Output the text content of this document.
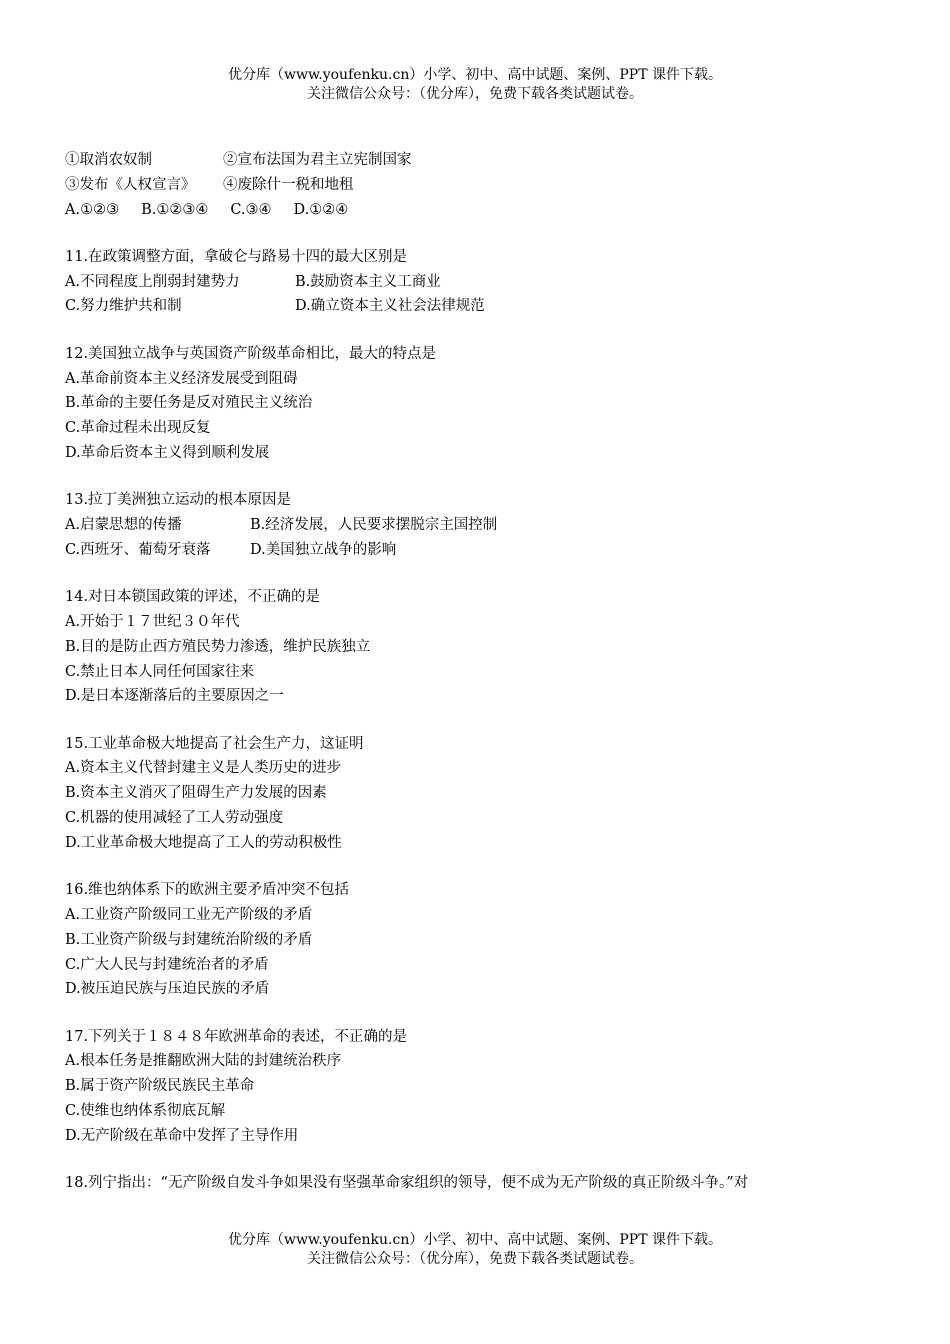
优分库（www.youfenku.cn）小学、初中、高中试题、案例、PPT 课件下载。
关注微信公众号：（优分库），免费下载各类试题试卷。
①取消农奴制	②宣布法国为君主立宪制国家
③发布《人权宣言》 ④废除什一税和地租
A.①②③ B.①②③④ C.③④ D.①②④
11.在政策调整方面，拿破仑与路易十四的最大区别是
A.不同程度上削弱封建势力	B.鼓励资本主义工商业
C.努力维护共和制	D.确立资本主义社会法律规范
12.美国独立战争与英国资产阶级革命相比，最大的特点是
A.革命前资本主义经济发展受到阻碍
B.革命的主要任务是反对殖民主义统治
C.革命过程未出现反复
D.革命后资本主义得到顺利发展
13.拉丁美洲独立运动的根本原因是
A.启蒙思想的传播	B.经济发展，人民要求摆脱宗主国控制
C.西班牙、葡萄牙衰落	D.美国独立战争的影响
14.对日本锁国政策的评述，不正确的是
A.开始于１７世纪３０年代
B.目的是防止西方殖民势力渗透，维护民族独立
C.禁止日本人同任何国家往来
D.是日本逐渐落后的主要原因之一
15.工业革命极大地提高了社会生产力，这证明
A.资本主义代替封建主义是人类历史的进步
B.资本主义消灭了阻碍生产力发展的因素
C.机器的使用减轻了工人劳动强度
D.工业革命极大地提高了工人的劳动积极性
16.维也纳体系下的欧洲主要矛盾冲突不包括
A.工业资产阶级同工业无产阶级的矛盾
B.工业资产阶级与封建统治阶级的矛盾
C.广大人民与封建统治者的矛盾
D.被压迫民族与压迫民族的矛盾
17.下列关于１８４８年欧洲革命的表述，不正确的是
A.根本任务是推翻欧洲大陆的封建统治秩序
B.属于资产阶级民族民主革命
C.使维也纳体系彻底瓦解
D.无产阶级在革命中发挥了主导作用
18.列宁指出：“无产阶级自发斗争如果没有坚强革命家组织的领导，便不成为无产阶级的真正阶级斗争。”对
优分库（www.youfenku.cn）小学、初中、高中试题、案例、PPT 课件下载。
关注微信公众号：（优分库），免费下载各类试题试卷。
